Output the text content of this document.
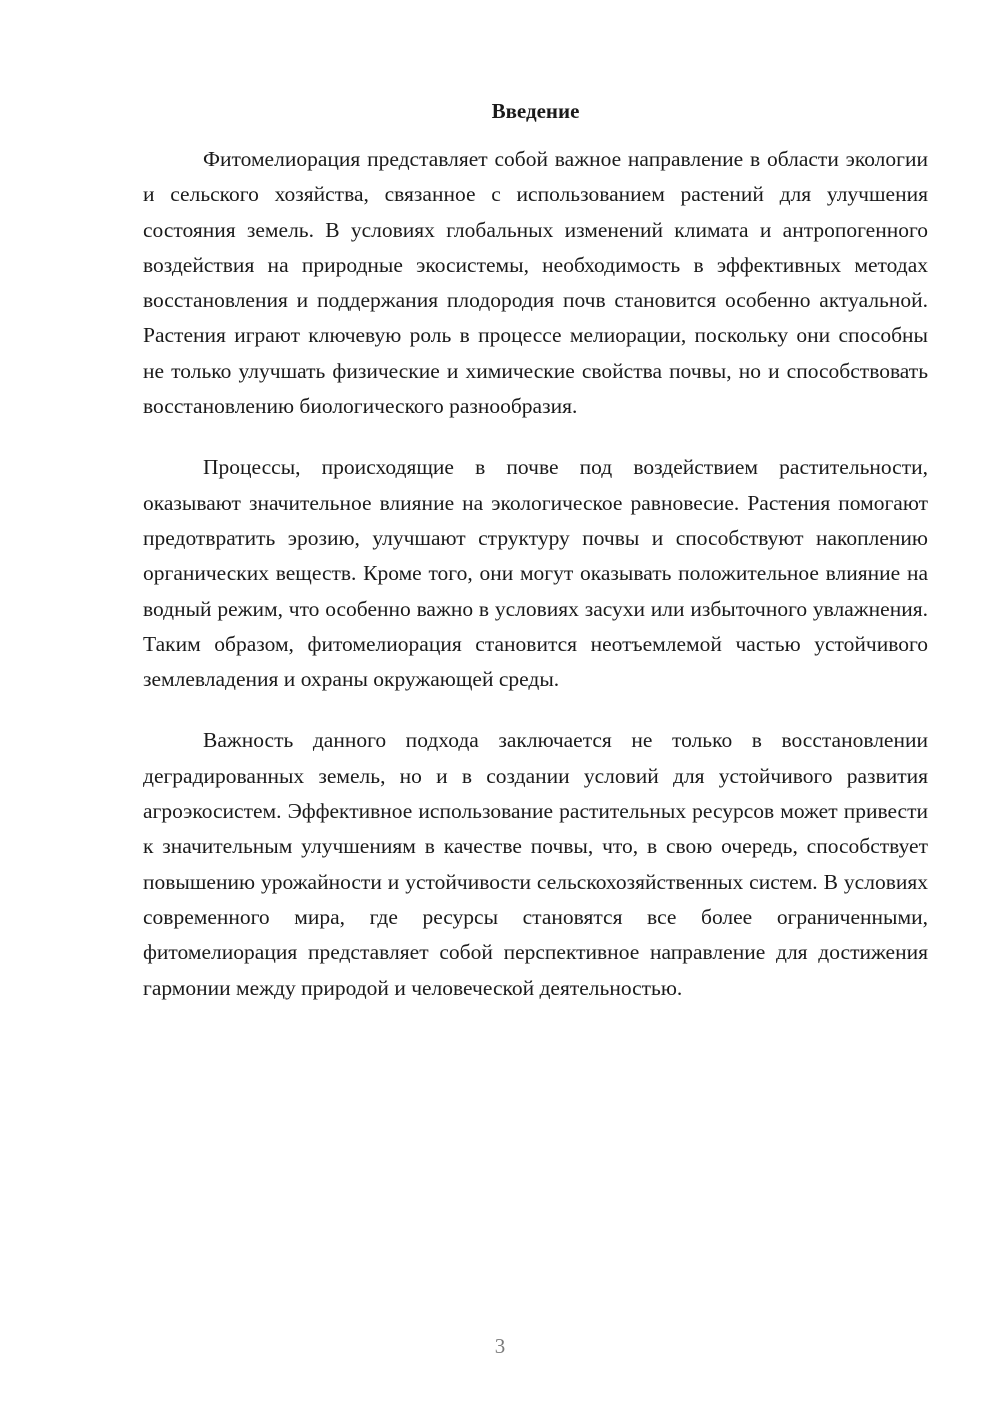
Введение

Фитомелиорация представляет собой важное направление в области экологии и сельского хозяйства, связанное с использованием растений для улучшения состояния земель. В условиях глобальных изменений климата и антропогенного воздействия на природные экосистемы, необходимость в эффективных методах восстановления и поддержания плодородия почв становится особенно актуальной. Растения играют ключевую роль в процессе мелиорации, поскольку они способны не только улучшать физические и химические свойства почвы, но и способствовать восстановлению биологического разнообразия.

Процессы, происходящие в почве под воздействием растительности, оказывают значительное влияние на экологическое равновесие. Растения помогают предотвратить эрозию, улучшают структуру почвы и способствуют накоплению органических веществ. Кроме того, они могут оказывать положительное влияние на водный режим, что особенно важно в условиях засухи или избыточного увлажнения. Таким образом, фитомелиорация становится неотъемлемой частью устойчивого землевладения и охраны окружающей среды.

Важность данного подхода заключается не только в восстановлении деградированных земель, но и в создании условий для устойчивого развития агроэкосистем. Эффективное использование растительных ресурсов может привести к значительным улучшениям в качестве почвы, что, в свою очередь, способствует повышению урожайности и устойчивости сельскохозяйственных систем. В условиях современного мира, где ресурсы становятся все более ограниченными, фитомелиорация представляет собой перспективное направление для достижения гармонии между природой и человеческой деятельностью.

3
